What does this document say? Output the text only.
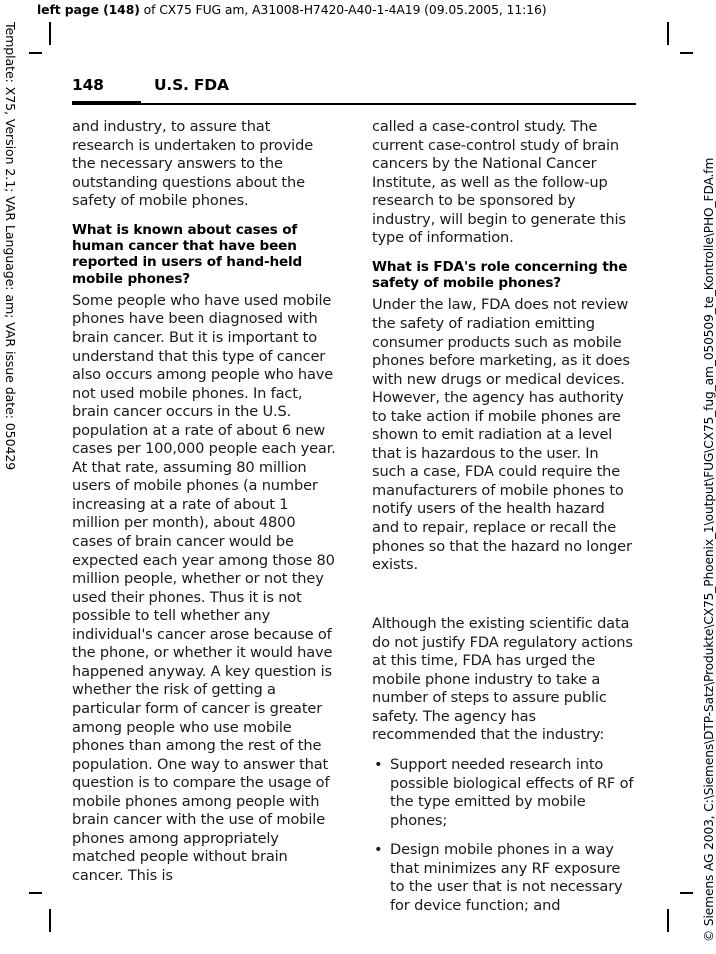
left page (148) of CX75 FUG am, A31008-H7420-A40-1-4A19 (09.05.2005, 11:16)
Template: X75, Version 2.1; VAR Language: am; VAR issue date: 050429	© Siemens AG 2003, C:\Siemens\DTP-Satz\Produkte\CX75_Phoenix_1\output\FUG\CX75_fug_am_050509_te_Kontrolle\PHO_FDA.fm
148	U.S. FDA

and industry, to assure that research is undertaken to provide the necessary answers to the outstanding questions about the safety of mobile phones.

What is known about cases of human cancer that have been reported in users of hand-held mobile phones?

Some people who have used mobile phones have been diagnosed with brain cancer. But it is important to understand that this type of cancer also occurs among people who have not used mobile phones. In fact, brain cancer occurs in the U.S. population at a rate of about 6 new cases per 100,000 people each year. At that rate, assuming 80 million users of mobile phones (a number increasing at a rate of about 1 million per month), about 4800 cases of brain cancer would be expected each year among those 80 million people, whether or not they used their phones. Thus it is not possible to tell whether any individual's cancer arose because of the phone, or whether it would have happened anyway. A key question is whether the risk of getting a particular form of cancer is greater among people who use mobile phones than among the rest of the population. One way to answer that question is to compare the usage of mobile phones among people with brain cancer with the use of mobile phones among appropriately matched people without brain cancer. This is

called a case-control study. The current case-control study of brain cancers by the National Cancer Institute, as well as the follow-up research to be sponsored by industry, will begin to generate this type of information.

What is FDA's role concerning the safety of mobile phones?

Under the law, FDA does not review the safety of radiation emitting consumer products such as mobile phones before marketing, as it does with new drugs or medical devices. However, the agency has authority to take action if mobile phones are shown to emit radiation at a level that is hazardous to the user. In such a case, FDA could require the manufacturers of mobile phones to notify users of the health hazard and to repair, replace or recall the phones so that the hazard no longer exists.

Although the existing scientific data do not justify FDA regulatory actions at this time, FDA has urged the mobile phone industry to take a number of steps to assure public safety. The agency has recommended that the industry:

• Support needed research into possible biological effects of RF of the type emitted by mobile phones;
• Design mobile phones in a way that minimizes any RF exposure to the user that is not necessary for device function; and
